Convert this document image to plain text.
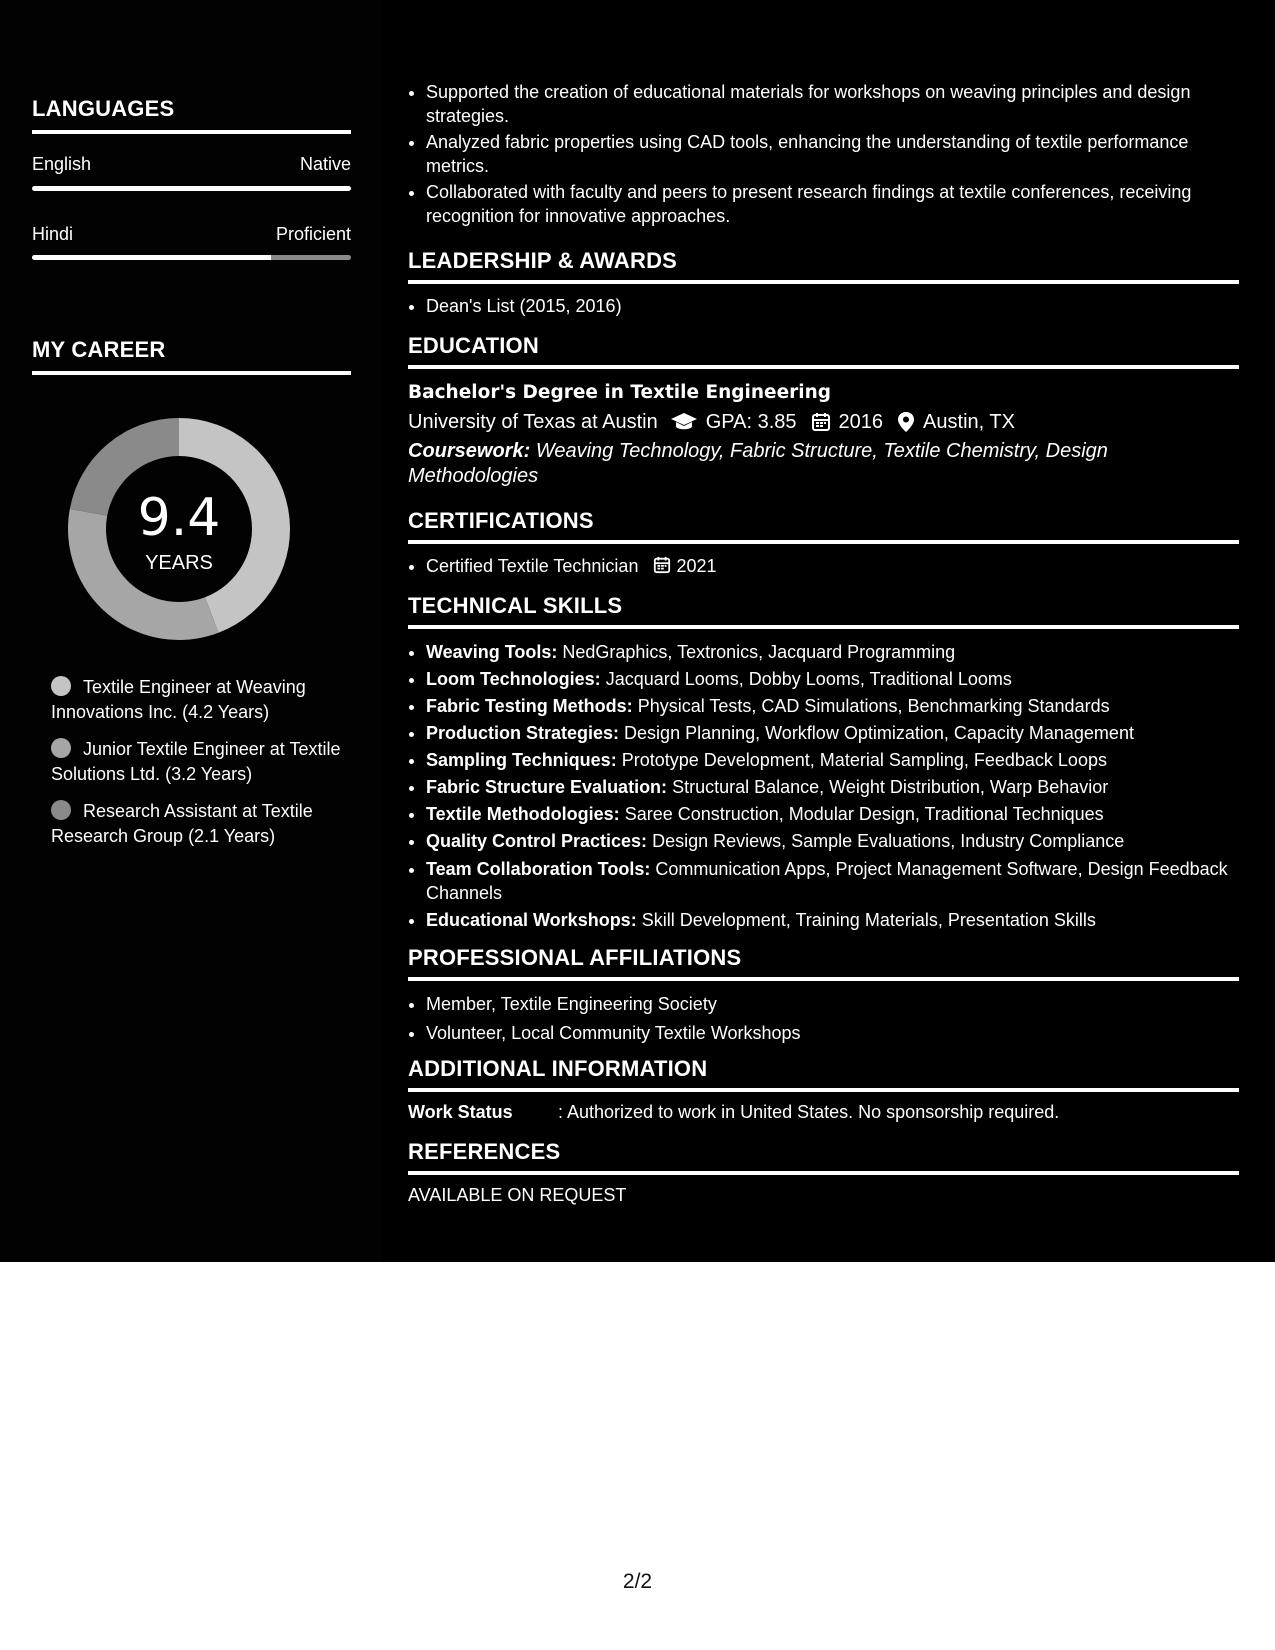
LANGUAGES
English	Native
Hindi	Proficient
MY CAREER
9.4
YEARS
Textile Engineer at Weaving Innovations Inc. (4.2 Years)
Junior Textile Engineer at Textile Solutions Ltd. (3.2 Years)
Research Assistant at Textile Research Group (2.1 Years)
• Supported the creation of educational materials for workshops on weaving principles and design strategies.
• Analyzed fabric properties using CAD tools, enhancing the understanding of textile performance metrics.
• Collaborated with faculty and peers to present research findings at textile conferences, receiving recognition for innovative approaches.
LEADERSHIP & AWARDS
• Dean's List (2015, 2016)
EDUCATION
Bachelor's Degree in Textile Engineering
University of Texas at Austin GPA: 3.85 2016 Austin, TX
Coursework: Weaving Technology, Fabric Structure, Textile Chemistry, Design Methodologies
CERTIFICATIONS
• Certified Textile Technician 2021
TECHNICAL SKILLS
• Weaving Tools: NedGraphics, Textronics, Jacquard Programming
• Loom Technologies: Jacquard Looms, Dobby Looms, Traditional Looms
• Fabric Testing Methods: Physical Tests, CAD Simulations, Benchmarking Standards
• Production Strategies: Design Planning, Workflow Optimization, Capacity Management
• Sampling Techniques: Prototype Development, Material Sampling, Feedback Loops
• Fabric Structure Evaluation: Structural Balance, Weight Distribution, Warp Behavior
• Textile Methodologies: Saree Construction, Modular Design, Traditional Techniques
• Quality Control Practices: Design Reviews, Sample Evaluations, Industry Compliance
• Team Collaboration Tools: Communication Apps, Project Management Software, Design Feedback Channels
• Educational Workshops: Skill Development, Training Materials, Presentation Skills
PROFESSIONAL AFFILIATIONS
• Member, Textile Engineering Society
• Volunteer, Local Community Textile Workshops
ADDITIONAL INFORMATION
Work Status	: Authorized to work in United States. No sponsorship required.
REFERENCES
AVAILABLE ON REQUEST
2/2
